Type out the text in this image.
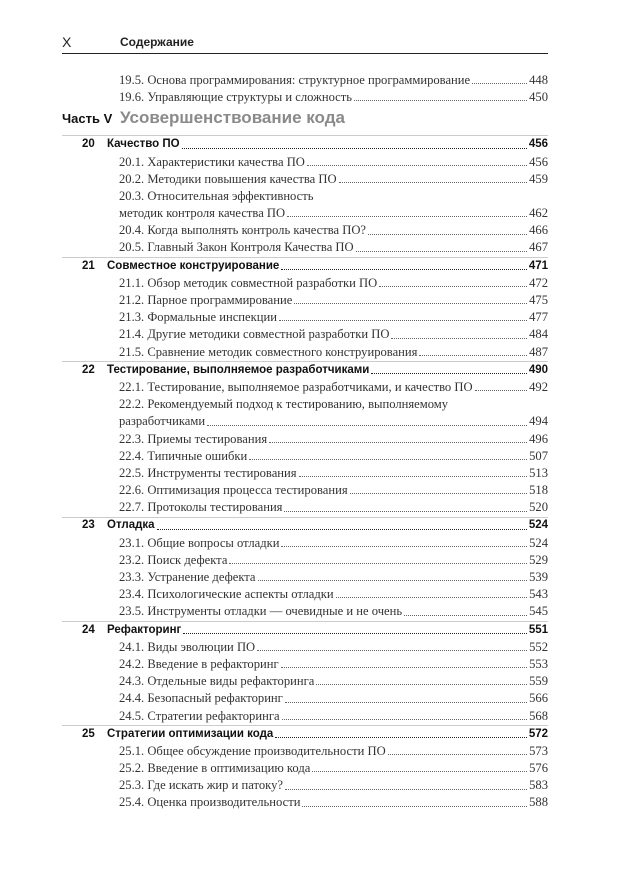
X	Содержание
19.5. Основа программирования: структурное программирование	448
19.6. Управляющие структуры и сложность	450
Часть V Усовершенствование кода
20	Качество ПО	456
20.1. Характеристики качества ПО	456
20.2. Методики повышения качества ПО	459
20.3. Относительная эффективность
методик контроля качества ПО	462
20.4. Когда выполнять контроль качества ПО?	466
20.5. Главный Закон Контроля Качества ПО	467
21	Совместное конструирование	471
21.1. Обзор методик совместной разработки ПО	472
21.2. Парное программирование	475
21.3. Формальные инспекции	477
21.4. Другие методики совместной разработки ПО	484
21.5. Сравнение методик совместного конструирования	487
22	Тестирование, выполняемое разработчиками	490
22.1. Тестирование, выполняемое разработчиками, и качество ПО	492
22.2. Рекомендуемый подход к тестированию, выполняемому
разработчиками	494
22.3. Приемы тестирования	496
22.4. Типичные ошибки	507
22.5. Инструменты тестирования	513
22.6. Оптимизация процесса тестирования	518
22.7. Протоколы тестирования	520
23	Отладка	524
23.1. Общие вопросы отладки	524
23.2. Поиск дефекта	529
23.3. Устранение дефекта	539
23.4. Психологические аспекты отладки	543
23.5. Инструменты отладки — очевидные и не очень	545
24	Рефакторинг	551
24.1. Виды эволюции ПО	552
24.2. Введение в рефакторинг	553
24.3. Отдельные виды рефакторинга	559
24.4. Безопасный рефакторинг	566
24.5. Стратегии рефакторинга	568
25	Стратегии оптимизации кода	572
25.1. Общее обсуждение производительности ПО	573
25.2. Введение в оптимизацию кода	576
25.3. Где искать жир и патоку?	583
25.4. Оценка производительности	588
